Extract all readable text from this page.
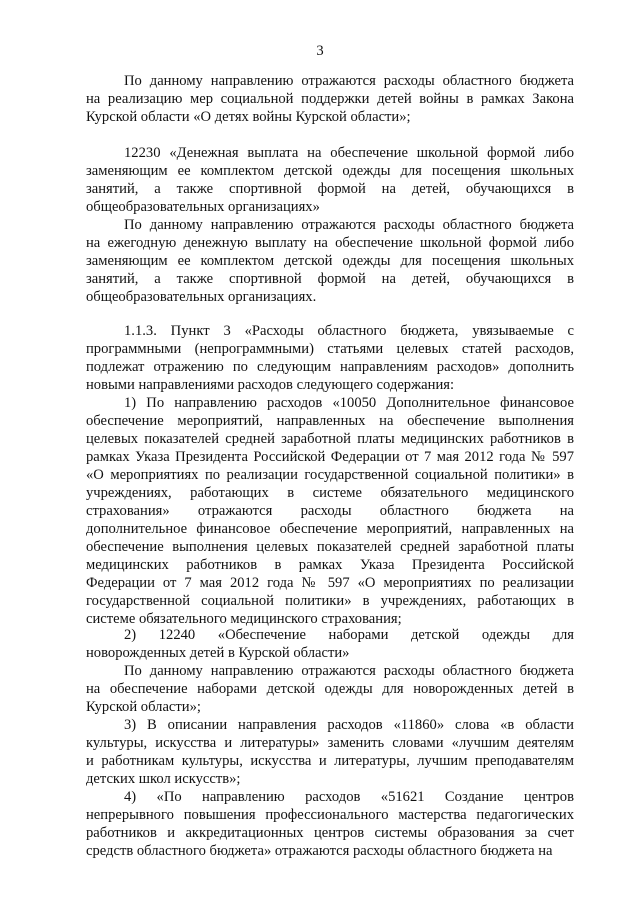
3

По данному направлению отражаются расходы областного бюджета
на реализацию мер социальной поддержки детей войны в рамках Закона
Курской области «О детях войны Курской области»;

12230 «Денежная выплата на обеспечение школьной формой либо
заменяющим ее комплектом детской одежды для посещения школьных
занятий, а также спортивной формой на детей, обучающихся в
общеобразовательных организациях»

По данному направлению отражаются расходы областного бюджета
на ежегодную денежную выплату на обеспечение школьной формой либо
заменяющим ее комплектом детской одежды для посещения школьных
занятий, а также спортивной формой на детей, обучающихся в
общеобразовательных организациях.

1.1.3. Пункт 3 «Расходы областного бюджета, увязываемые с
программными (непрограммными) статьями целевых статей расходов,
подлежат отражению по следующим направлениям расходов» дополнить
новыми направлениями расходов следующего содержания:

1) По направлению расходов «10050 Дополнительное финансовое
обеспечение мероприятий, направленных на обеспечение выполнения
целевых показателей средней заработной платы медицинских работников в
рамках Указа Президента Российской Федерации от 7 мая 2012 года № 597
«О мероприятиях по реализации государственной социальной политики» в
учреждениях, работающих в системе обязательного медицинского
страхования» отражаются расходы областного бюджета на
дополнительное финансовое обеспечение мероприятий, направленных на
обеспечение выполнения целевых показателей средней заработной платы
медицинских работников в рамках Указа Президента Российской
Федерации от 7 мая 2012 года № 597 «О мероприятиях по реализации
государственной социальной политики» в учреждениях, работающих в
системе обязательного медицинского страхования;

2) 12240 «Обеспечение наборами детской одежды для
новорожденных детей в Курской области»

По данному направлению отражаются расходы областного бюджета
на обеспечение наборами детской одежды для новорожденных детей в
Курской области»;

3) В описании направления расходов «11860» слова «в области
культуры, искусства и литературы» заменить словами «лучшим деятелям
и работникам культуры, искусства и литературы, лучшим преподавателям
детских школ искусств»;

4) «По направлению расходов «51621 Создание центров
непрерывного повышения профессионального мастерства педагогических
работников и аккредитационных центров системы образования за счет
средств областного бюджета» отражаются расходы областного бюджета на
